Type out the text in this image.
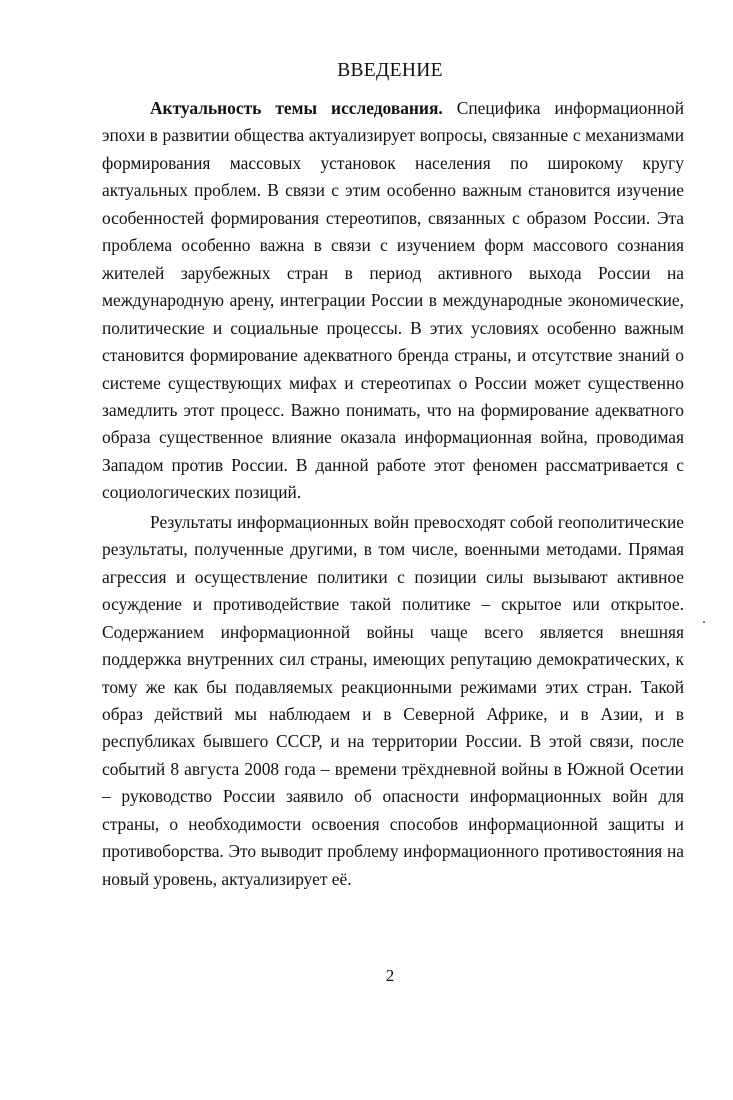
ВВЕДЕНИЕ

Актуальность темы исследования. Специфика информационной эпохи в развитии общества актуализирует вопросы, связанные с механизмами формирования массовых установок населения по широкому кругу актуальных проблем. В связи с этим особенно важным становится изучение особенностей формирования стереотипов, связанных с образом России. Эта проблема особенно важна в связи с изучением форм массового сознания жителей зарубежных стран в период активного выхода России на международную арену, интеграции России в международные экономические, политические и социальные процессы. В этих условиях особенно важным становится формирование адекватного бренда страны, и отсутствие знаний о системе существующих мифах и стереотипах о России может существенно замедлить этот процесс. Важно понимать, что на формирование адекватного образа существенное влияние оказала информационная война, проводимая Западом против России. В данной работе этот феномен рассматривается с социологических позиций.

Результаты информационных войн превосходят собой геополитические результаты, полученные другими, в том числе, военными методами. Прямая агрессия и осуществление политики с позиции силы вызывают активное осуждение и противодействие такой политике – скрытое или открытое. Содержанием информационной войны чаще всего является внешняя поддержка внутренних сил страны, имеющих репутацию демократических, к тому же как бы подавляемых реакционными режимами этих стран. Такой образ действий мы наблюдаем и в Северной Африке, и в Азии, и в республиках бывшего СССР, и на территории России. В этой связи, после событий 8 августа 2008 года – времени трёхдневной войны в Южной Осетии – руководство России заявило об опасности информационных войн для страны, о необходимости освоения способов информационной защиты и противоборства. Это выводит проблему информационного противостояния на новый уровень, актуализирует её.

2
